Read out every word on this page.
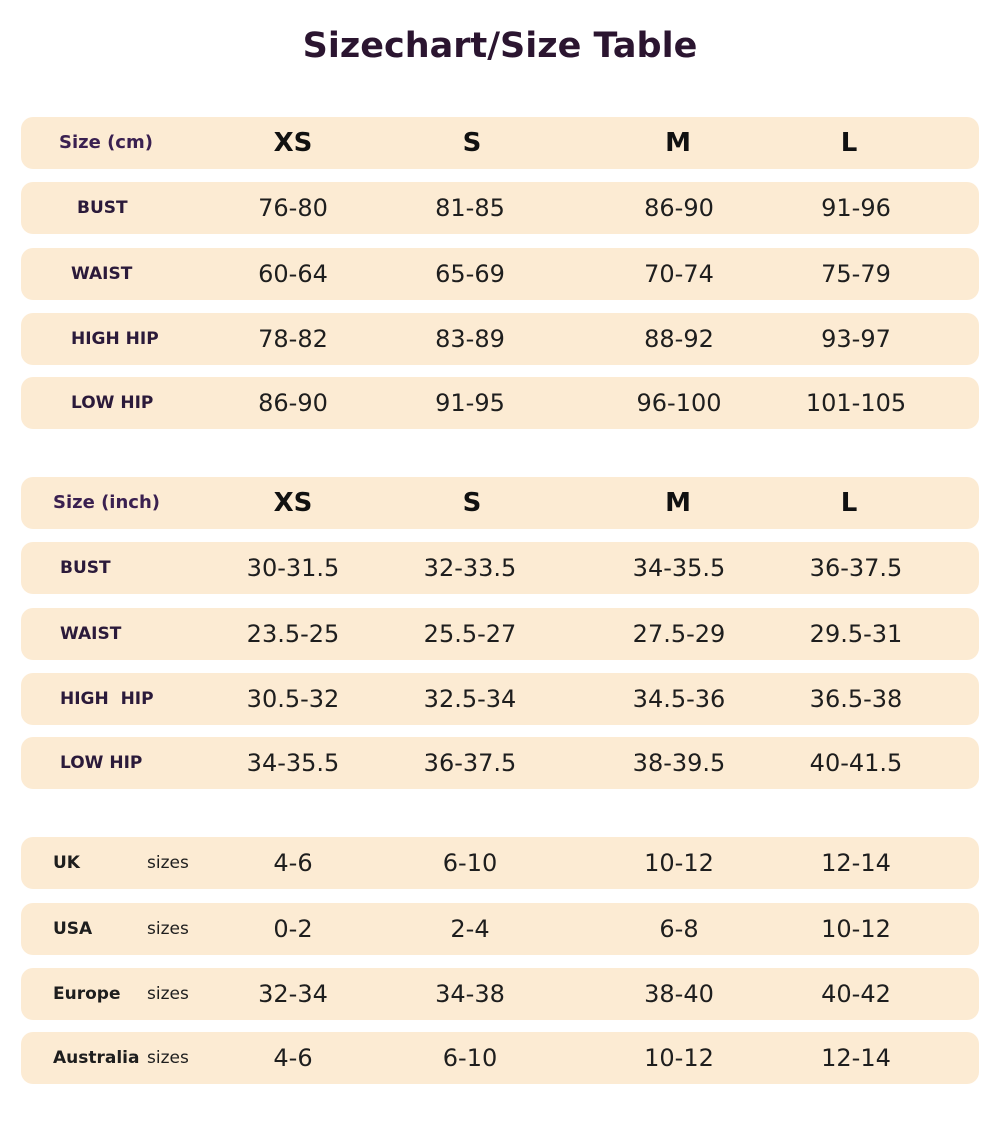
Sizechart/Size Table
Size (cm)	XS	S	M	L
BUST	76-80	81-85	86-90	91-96
WAIST	60-64	65-69	70-74	75-79
HIGH HIP	78-82	83-89	88-92	93-97
LOW HIP	86-90	91-95	96-100	101-105
Size (inch)	XS	S	M	L
BUST	30-31.5	32-33.5	34-35.5	36-37.5
WAIST	23.5-25	25.5-27	27.5-29	29.5-31
HIGH  HIP	30.5-32	32.5-34	34.5-36	36.5-38
LOW HIP	34-35.5	36-37.5	38-39.5	40-41.5
UK	sizes	4-6	6-10	10-12	12-14
USA	sizes	0-2	2-4	6-8	10-12
Europe sizes	32-34	34-38	38-40	40-42
Australia sizes	4-6	6-10	10-12	12-14
